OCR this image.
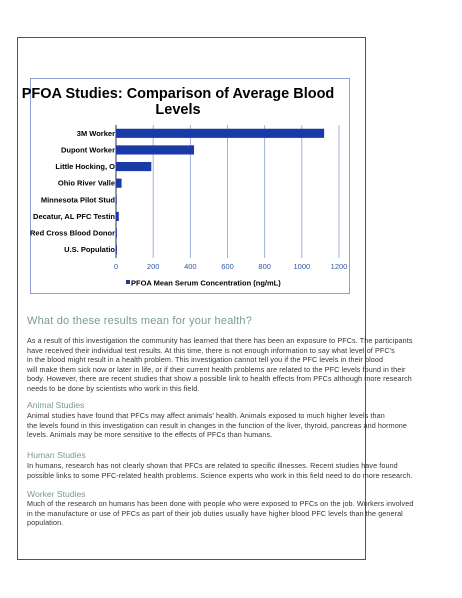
PFOA Studies: Comparison of Average Blood
Levels
0	200	400	600	800	1000	1200
3M Worker
Dupont Worker
Little Hocking, O
Ohio River Valle
Minnesota Pilot Stud
Decatur, AL PFC Testin
Red Cross Blood Donor
U.S. Populatio
PFOA Mean Serum Concentration (ng/mL)
What do these results mean for your health?
As a result of this investigation the community has learned that there has been an exposure to PFCs. The participants
have received their individual test results. At this time, there is not enough information to say what level of PFC's
in the blood might result in a health problem. This investigation cannot tell you if the PFC levels in their blood
will make them sick now or later in life, or if their current health problems are related to the PFC levels found in their
body. However, there are recent studies that show a possible link to health effects from PFCs although more research
needs to be done by scientists who work in this field.
Animal Studies
Animal studies have found that PFCs may affect animals' health. Animals exposed to much higher levels than
the levels found in this investigation can result in changes in the function of the liver, thyroid, pancreas and hormone
levels. Animals may be more sensitive to the effects of PFCs than humans.
Human Studies
In humans, research has not clearly shown that PFCs are related to specific illnesses. Recent studies have found
possible links to some PFC-related health problems. Science experts who work in this field need to do more research.
Worker Studies
Much of the research on humans has been done with people who were exposed to PFCs on the job. Workers involved
in the manufacture or use of PFCs as part of their job duties usually have higher blood PFC levels than the general
population.
